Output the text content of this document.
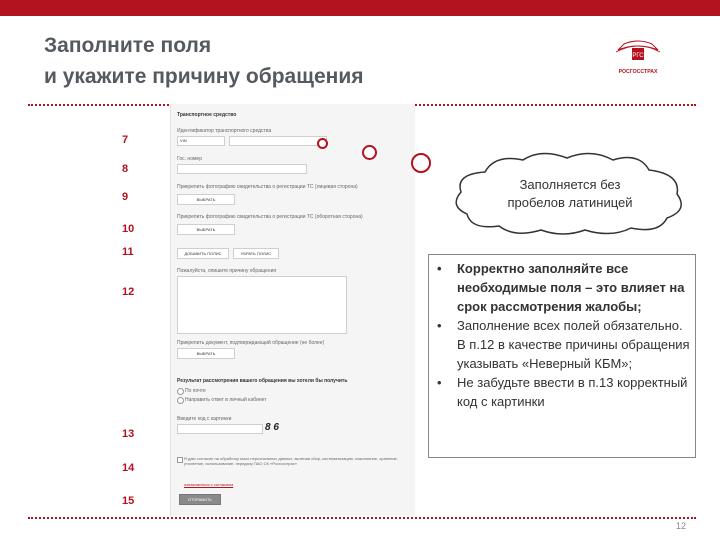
Заполните поля
и укажите причину обращения
РГС
РОСГОССТРАХ
7
8
9
10
11
12
13
14
15
Транспортное средство
Идентификатор транспортного средства
VIN
Гос. номер
Прикрепить фотографию свидетельства о регистрации ТС (лицевая сторона)
ВЫБРАТЬ
Прикрепить фотографию свидетельства о регистрации ТС (оборотная сторона)
ВЫБРАТЬ
ДОБАВИТЬ ПОЛИС	УБРАТЬ ПОЛИС
Пожалуйста, опишите причину обращения
Прикрепить документ, подтверждающий обращение (не более)
ВЫБРАТЬ
Результат рассмотрения вашего обращения вы хотели бы получить
По почте
Направить ответ в личный кабинет
Введите код с картинки
8 6
Я даю согласие на обработку моих персональных данных, включая сбор, систематизацию, накопление, хранение, уточнение, использование, передачу ПАО СК «Росгосстрах»
ознакомиться с согласием
ОТПРАВИТЬ
Заполняется без
пробелов латиницей
• Корректно заполняйте все необходимые поля – это влияет на срок рассмотрения жалобы;
• Заполнение всех полей обязательно. В п.12 в качестве причины обращения указывать «Неверный КБМ»;
• Не забудьте ввести в п.13 корректный код с картинки
12
